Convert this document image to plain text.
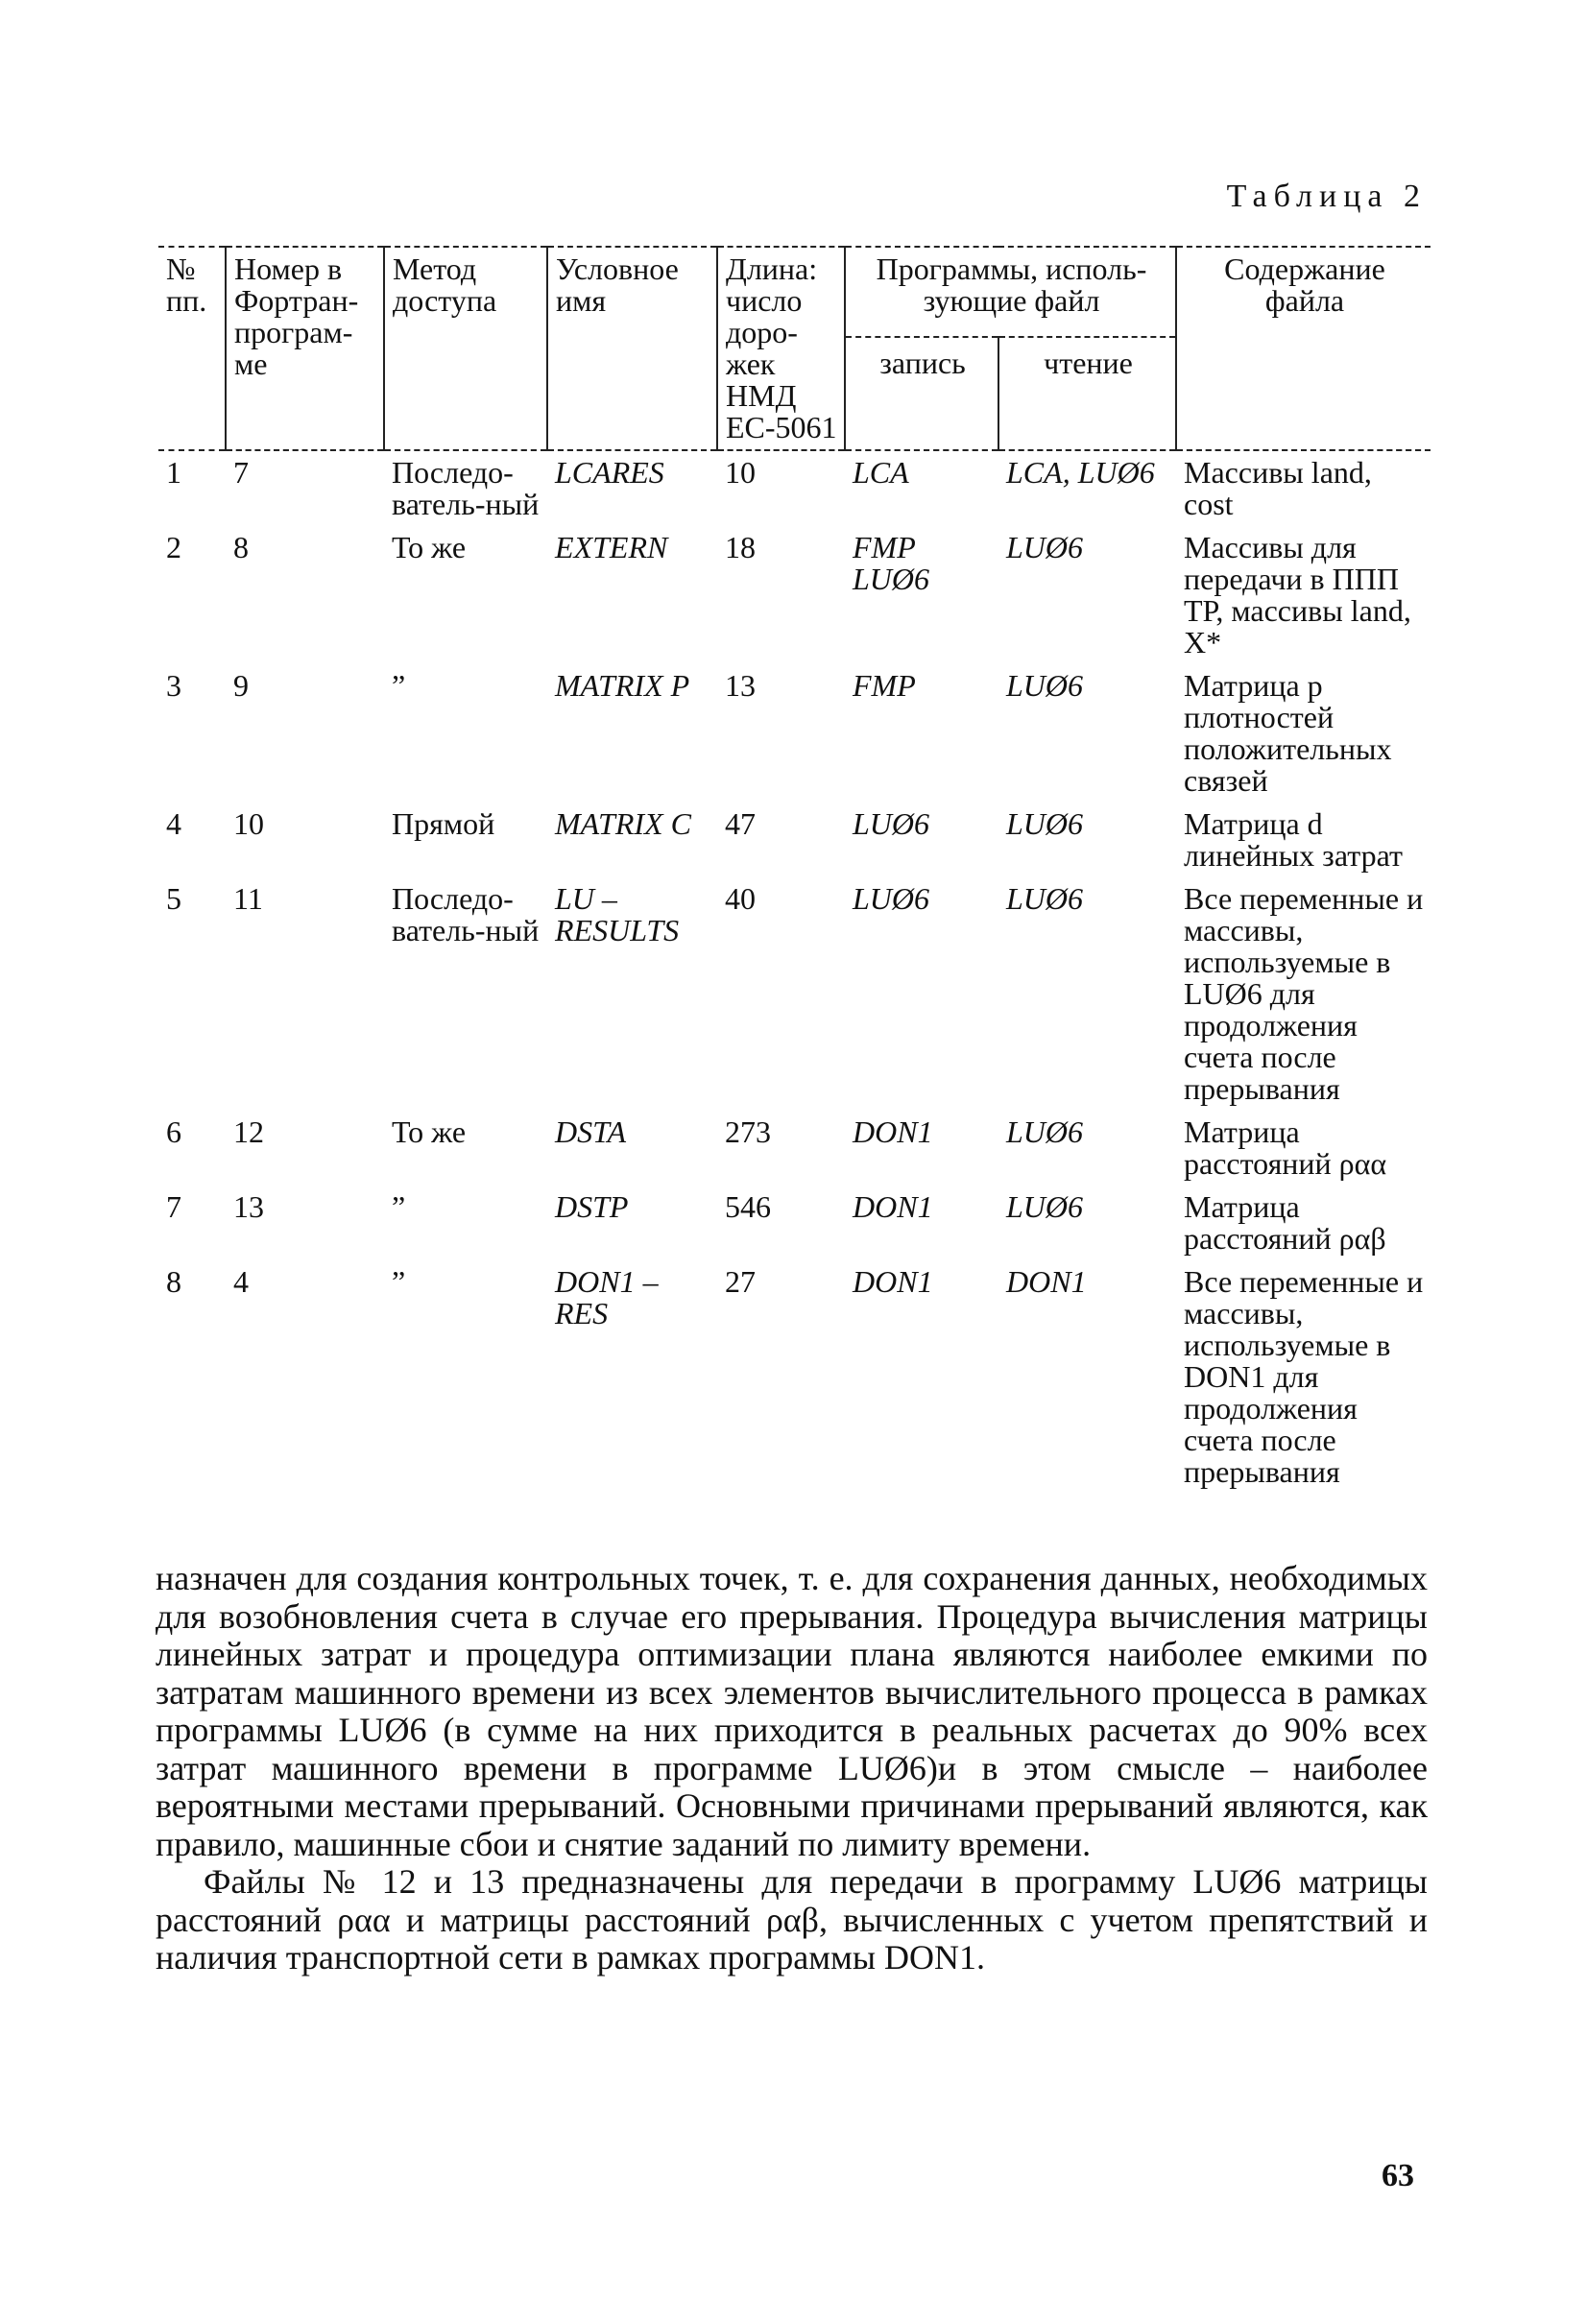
Таблица 2
№ пп.	Номер в Фортран-програм-ме	Метод доступа	Условное имя	Длина: число доро-жек НМД ЕС-5061	Программы, исполь-зующие файл		Содержание файла
					запись	чтение	
1	7	Последо-ватель-ный	LCARES	10	LCA	LCA, LUØ6	Массивы land, cost
2	8	То же	EXTERN	18	FMP LUØ6	LUØ6	Массивы для передачи в ППП ТР, массивы land, X*
3	9	”	MATRIX P	13	FMP	LUØ6	Матрица p плотностей положительных связей
4	10	Прямой	MATRIX C	47	LUØ6	LUØ6	Матрица d линейных затрат
5	11	Последо-ватель-ный	LU – RESULTS	40	LUØ6	LUØ6	Все переменные и массивы, используемые в LUØ6 для продолжения счета после прерывания
6	12	То же	DSTA	273	DON1	LUØ6	Матрица расстояний ραα
7	13	”	DSTP	546	DON1	LUØ6	Матрица расстояний ραβ
8	4	”	DON1 – RES	27	DON1	DON1	Все переменные и массивы, используемые в DON1 для продолжения счета после прерывания

назначен для создания контрольных точек, т. е. для сохранения данных, необходимых для возобновления счета в случае его прерывания. Процедура вычисления матрицы линейных затрат и процедура оптимизации плана являются наиболее емкими по затратам машинного времени из всех элементов вычислительного процесса в рамках программы LUØ6 (в сумме на них приходится в реальных расчетах до 90% всех затрат машинного времени в программе LUØ6)и в этом смысле – наиболее вероятными местами прерываний. Основными причинами прерываний являются, как правило, машинные сбои и снятие заданий по лимиту времени.

Файлы № 12 и 13 предназначены для передачи в программу LUØ6 матрицы расстояний ραα и матрицы расстояний ραβ, вычисленных с учетом препятствий и наличия транспортной сети в рамках программы DON1.

63
